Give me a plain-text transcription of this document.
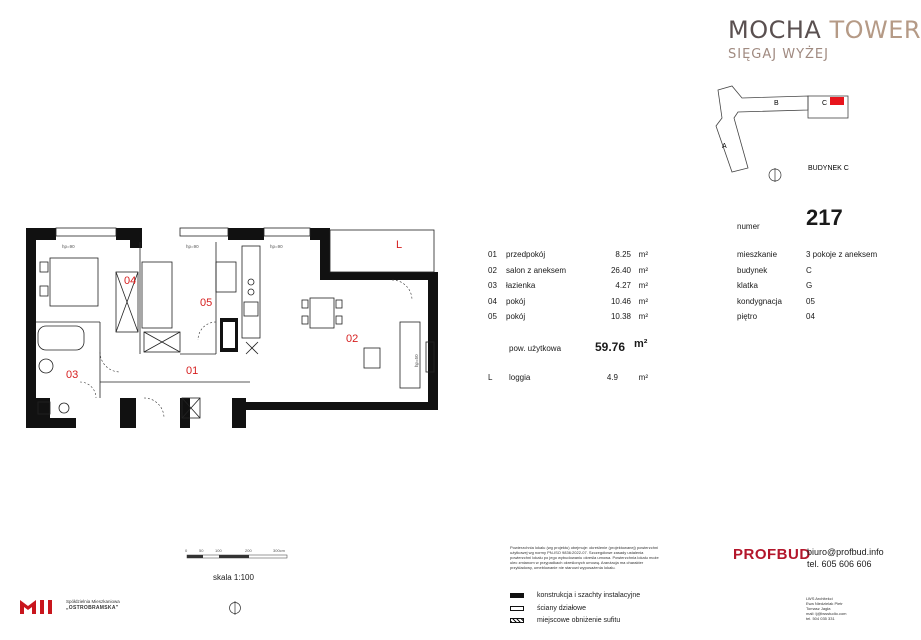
MOCHA TOWER
SIĘGAJ WYŻEJ
B
A
C
BUDYNEK C
hp=90	hp=90	hp=90
hp=50
04
05
03	01
02
L
01 przedpokój	8.25 m²
02 salon z aneksem	26.40 m²
03 łazienka	4.27 m²
04 pokój	10.46 m²
05 pokój	10.38 m²
pow. użytkowa	59.76 m²
L loggia	4.9	m²
numer 217
mieszkanie	3 pokoje z aneksem
budynek	C
klatka	G
kondygnacja	05
piętro	04
0	50	100	200	300cm
skala 1:100
Powierzchnia lokalu (wg projektu) obejmuje: określenie (projektowanej) powierzchni użytkowej wg normy PN-ISO 9836:2022-07. Szczegółowe zasady ustalenia powierzchni lokalu po jego wybudowaniu określa umowa. Powierzchnia lokalu może ulec zmianom w przypadkach określonych umową. Aranżacja ma charakter przykładowy, umeblowanie nie stanowi wyposażenia lokalu.
konstrukcja i szachty instalacyjne
ściany działowe
miejscowe obniżenie sufitu
PROFBUD
biuro@profbud.info
tel. 605 606 606
LWS Architekci
Ewa Niedzielak Pietr
Tomasz Jagła
mail: lj@lwsstudio.com
tel. 504 035 331
Spółdzielnia Mieszkaniowa
„OSTROBRAMSKA”
